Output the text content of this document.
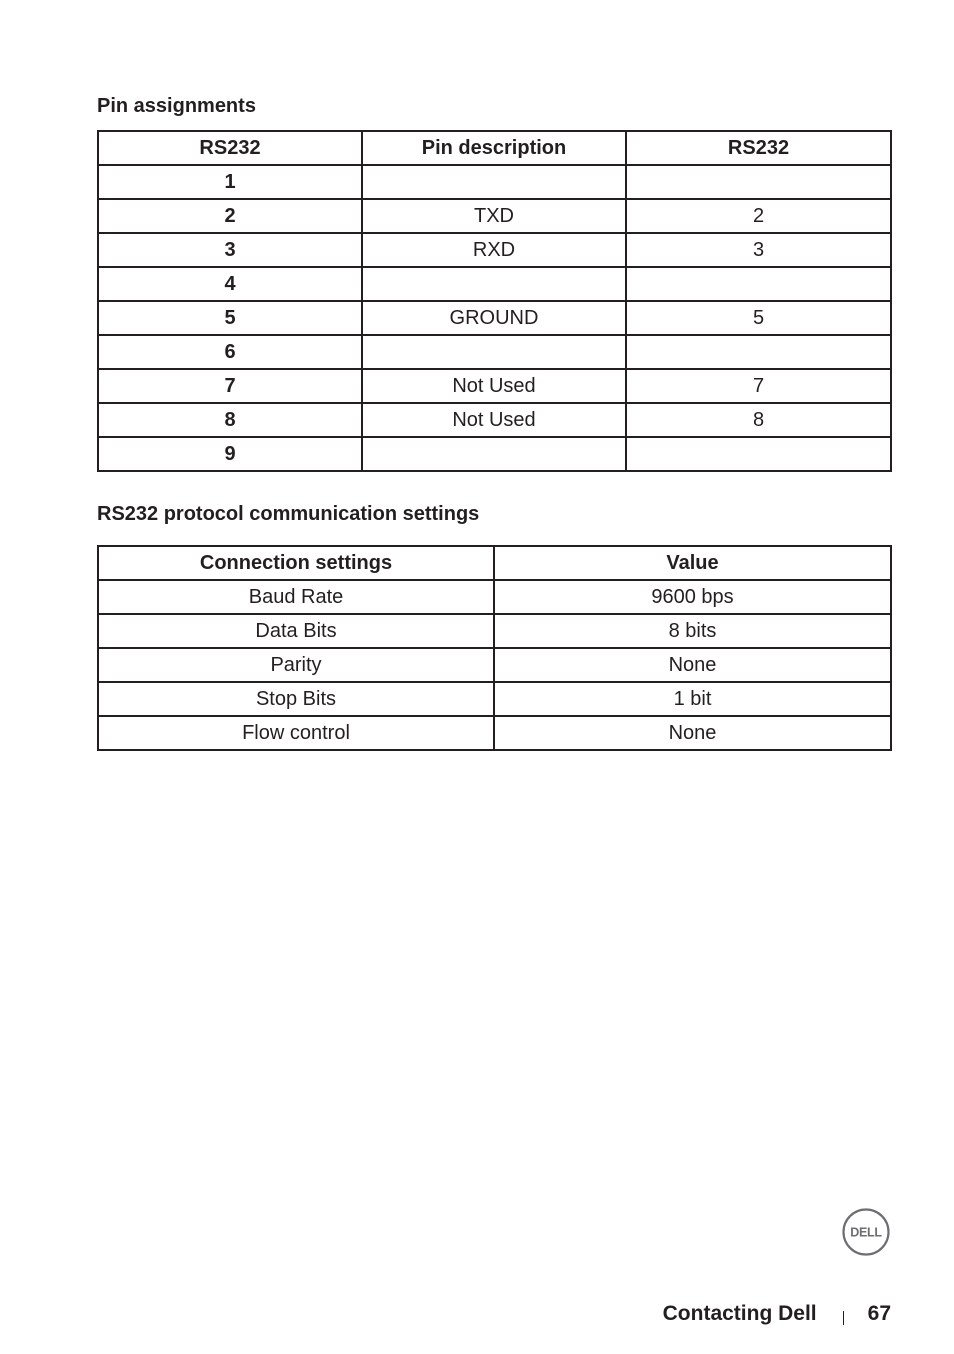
Pin assignments
RS232	Pin description	RS232
1		
2	TXD	2
3	RXD	3
4		
5	GROUND	5
6		
7	Not Used	7
8	Not Used	8
9		
RS232 protocol communication settings
Connection settings	Value
Baud Rate	9600 bps
Data Bits	8 bits
Parity	None
Stop Bits	1 bit
Flow control	None
DELL
Contacting Dell 67
